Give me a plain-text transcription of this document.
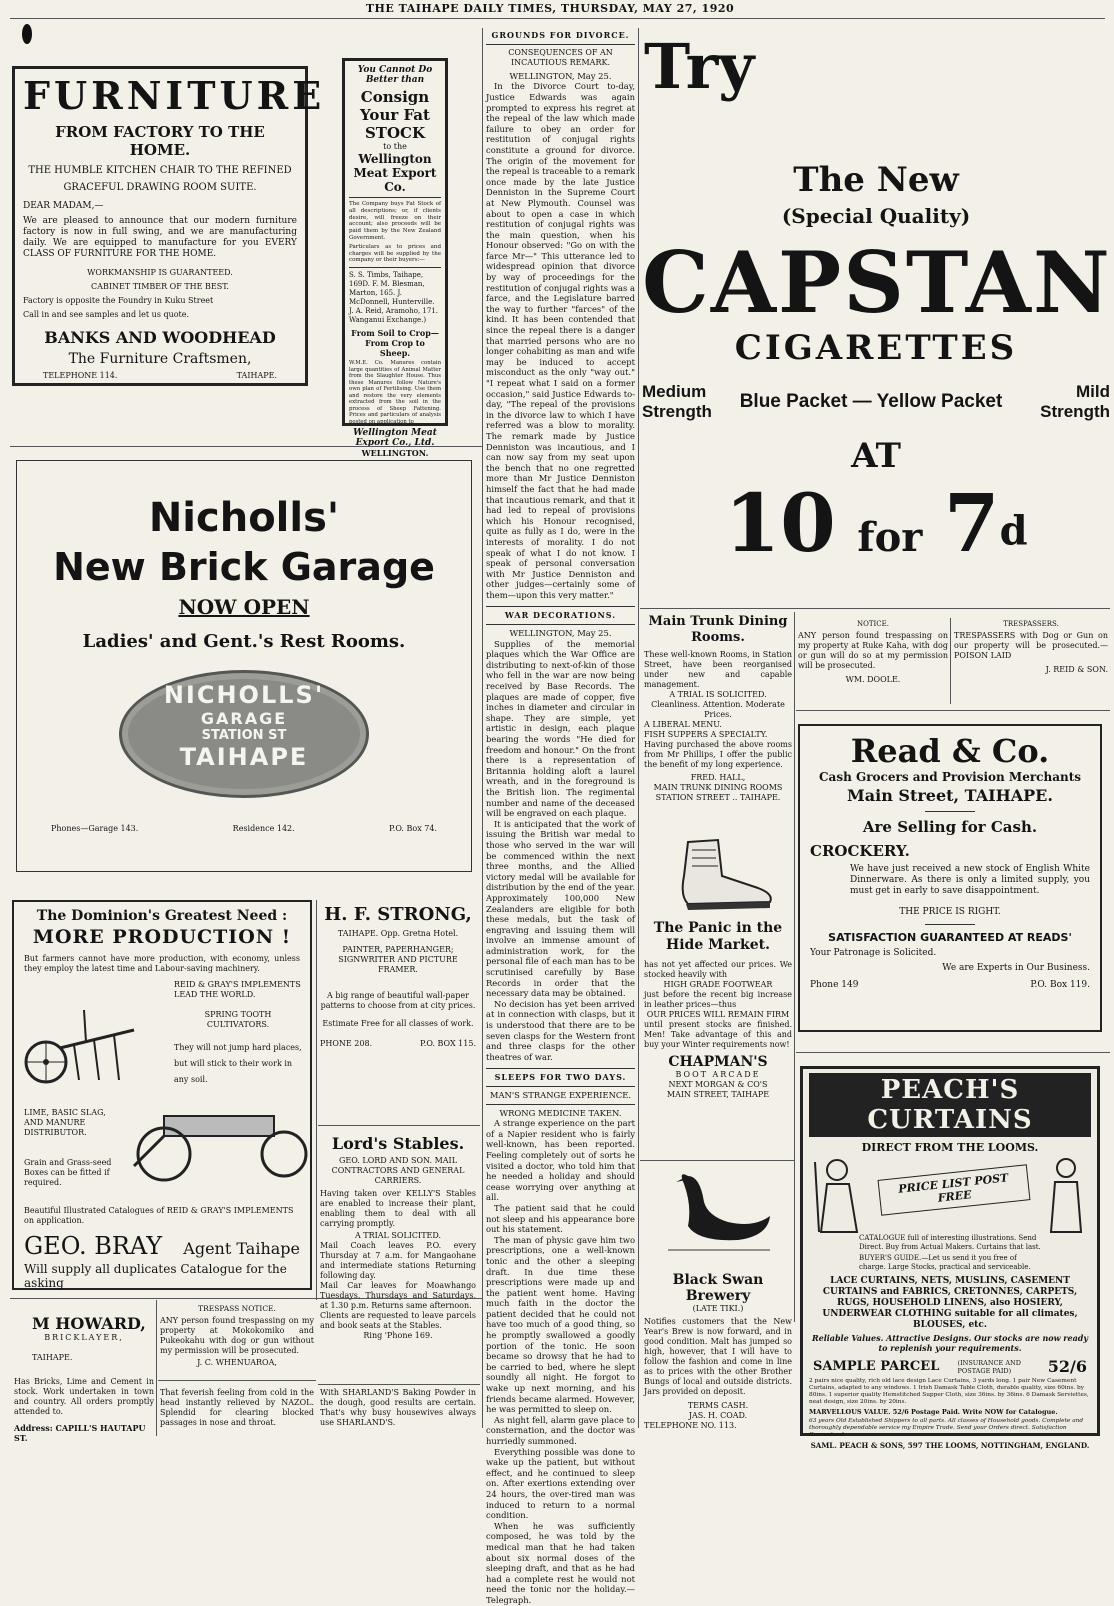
THE TAIHAPE DAILY TIMES, THURSDAY, MAY 27, 1920
FURNITURE
FROM FACTORY TO THE HOME.
THE HUMBLE KITCHEN CHAIR TO THE REFINED
GRACEFUL DRAWING ROOM SUITE.
DEAR MADAM,—
We are pleased to announce that our modern furniture factory is now in full swing, and we are manufacturing daily. We are equipped to manufacture for you EVERY CLASS OF FURNITURE FOR THE HOME.
WORKMANSHIP IS GUARANTEED.
CABINET TIMBER OF THE BEST.
Factory is opposite the Foundry in Kuku Street
Call in and see samples and let us quote.
BANKS AND WOODHEAD
The Furniture Craftsmen,
TELEPHONE 114.	TAIHAPE.
You Cannot Do Better than
Consign Your Fat STOCK
to the
Wellington Meat Export Co.
The Company buys Fat Stock of all descriptions; or, if clients desire, will freeze on their account; also proceeds will be paid them by the New Zealand Government.
Particulars as to prices and charges will be supplied by the company or their buyers:—
S. S. Timbs, Taihape, 169D. F. M. Blesman, Marton, 165. J. McDonnell, Hunterville. J. A. Reid, Aramoho, 171. Wanganui Exchange.)
From Soil to Crop— From Crop to Sheep.
W.M.E. Co. Manures contain large quantities of Animal Matter from the Slaughter House. Thus these Manures follow Nature's own plan of Fertilising. Use them and restore the very elements extracted from the soil in the process of Sheep Fattening. Prices and particulars of analysis posted on application to
Wellington Meat Export Co., Ltd.
WELLINGTON.
GROUNDS FOR DIVORCE.
CONSEQUENCES OF AN INCAUTIOUS REMARK.
WELLINGTON, May 25.

In the Divorce Court to-day, Justice Edwards was again prompted to express his regret at the repeal of the law which made failure to obey an order for restitution of conjugal rights constitute a ground for divorce. The origin of the movement for the repeal is traceable to a remark once made by the late Justice Denniston in the Supreme Court at New Plymouth. Counsel was about to open a case in which restitution of conjugal rights was the main question, when his Honour observed: "Go on with the farce Mr—" This utterance led to widespread opinion that divorce by way of proceedings for the restitution of conjugal rights was a farce, and the Legislature barred the way to further "farces" of the kind. It has been contended that since the repeal there is a danger that married persons who are no longer cohabiting as man and wife may be induced to accept misconduct as the only "way out." "I repeat what I said on a former occasion," said Justice Edwards to-day, "The repeal of the provisions in the divorce law to which I have referred was a blow to morality. The remark made by Justice Denniston was incautious, and I can now say from my seat upon the bench that no one regretted more than Mr Justice Denniston himself the fact that he had made that incautious remark, and that it had led to repeal of provisions which his Honour recognised, quite as fully as I do, were in the interests of morality. I do not speak of what I do not know. I speak of personal conversation with Mr Justice Denniston and other judges—certainly some of them—upon this very matter."

WAR DECORATIONS.
WELLINGTON, May 25.

Supplies of the memorial plaques which the War Office are distributing to next-of-kin of those who fell in the war are now being received by Base Records. The plaques are made of copper, five inches in diameter and circular in shape. They are simple, yet artistic in design, each plaque bearing the words "He died for freedom and honour." On the front there is a representation of Britannia holding aloft a laurel wreath, and in the foreground is the British lion. The regimental number and name of the deceased will be engraved on each plaque.

It is anticipated that the work of issuing the British war medal to those who served in the war will be commenced within the next three months, and the Allied victory medal will be available for distribution by the end of the year. Approximately 100,000 New Zealanders are eligible for both these medals, but the task of engraving and issuing them will involve an immense amount of administration work, for the personal file of each man has to be scrutinised carefully by Base Records in order that the necessary data may be obtained.

No decision has yet been arrived at in connection with clasps, but it is understood that there are to be seven clasps for the Western front and three clasps for the other theatres of war.

SLEEPS FOR TWO DAYS.
MAN'S STRANGE EXPERIENCE.
WRONG MEDICINE TAKEN.

A strange experience on the part of a Napier resident who is fairly well-known, has been reported. Feeling completely out of sorts he visited a doctor, who told him that he needed a holiday and should cease worrying over anything at all.

The patient said that he could not sleep and his appearance bore out his statement.

The man of physic gave him two prescriptions, one a well-known tonic and the other a sleeping draft. In due time these prescriptions were made up and the patient went home. Having much faith in the doctor the patient decided that he could not have too much of a good thing, so he promptly swallowed a goodly portion of the tonic. He soon became so drowsy that he had to be carried to bed, where he slept soundly all night. He forgot to wake up next morning, and his friends became alarmed. However, he was permitted to sleep on.

As night fell, alarm gave place to consternation, and the doctor was hurriedly summoned.

Everything possible was done to wake up the patient, but without effect, and he continued to sleep on. After exertions extending over 24 hours, the over-tired man was induced to return to a normal condition.

When he was sufficiently composed, he was told by the medical man that he had taken about six normal doses of the sleeping draft, and that as he had had a complete rest he would not need the tonic nor the holiday.—Telegraph.

Try
The New
(Special Quality)
CAPSTAN
CIGARETTES
Medium Strength Blue Packet — Yellow Packet	Mild Strength
AT
10 for 7$^d$
Nicholls'
New Brick Garage
NOW OPEN
Ladies' and Gent.'s Rest Rooms.
NICHOLLS'
GARAGE
STATION ST
TAIHAPE
Phones—Garage 143.	Residence 142.	P.O. Box 74.
Main Trunk Dining Rooms.
These well-known Rooms, in Station Street, have been reorganised under new and capable management.
A TRIAL IS SOLICITED.
Cleanliness. Attention. Moderate Prices.
A LIBERAL MENU.
FISH SUPPERS A SPECIALTY.
Having purchased the above rooms from Mr Phillips, I offer the public the benefit of my long experience.
FRED. HALL,
MAIN TRUNK DINING ROOMS STATION STREET .. TAIHAPE.
NOTICE.
ANY person found trespassing on my property at Ruke Kaha, with dog or gun will do so at my permission will be prosecuted.
WM. DOOLE.
TRESPASSERS.
TRESPASSERS with Dog or Gun on our property will be prosecuted.—POISON LAID
J. REID & SON.
Read & Co.
Cash Grocers and Provision Merchants
Main Street, TAIHAPE.
Are Selling for Cash.
CROCKERY.
We have just received a new stock of English White Dinnerware. As there is only a limited supply, you must get in early to save disappointment.
THE PRICE IS RIGHT.
SATISFACTION GUARANTEED AT READS'
Your Patronage is Solicited.
We are Experts in Our Business.
Phone 149	P.O. Box 119.
The Dominion's Greatest Need :
MORE PRODUCTION !
But farmers cannot have more production, with economy, unless they employ the latest time and Labour-saving machinery.
REID & GRAY'S IMPLEMENTS LEAD THE WORLD.
SPRING TOOTH CULTIVATORS.
They will not jump hard places, but will stick to their work in any soil.
LIME, BASIC SLAG, AND MANURE DISTRIBUTOR.
Grain and Grass-seed Boxes can be fitted if required.
Beautiful Illustrated Catalogues of REID & GRAY'S IMPLEMENTS on application.
GEO. BRAY Agent Taihape
Will supply all duplicates Catalogue for the asking
H. F. STRONG,
TAIHAPE. Opp. Gretna Hotel.
PAINTER, PAPERHANGER; SIGNWRITER AND PICTURE FRAMER.
A big range of beautiful wall-paper patterns to choose from at city prices.
Estimate Free for all classes of work.
PHONE 208.	P.O. BOX 115.
Lord's Stables.
GEO. LORD AND SON. MAIL CONTRACTORS AND GENERAL CARRIERS.
Having taken over KELLY'S Stables are enabled to increase their plant, enabling them to deal with all carrying promptly.
A TRIAL SOLICITED.
Mail Coach leaves P.O. every Thursday at 7 a.m. for Mangaohane and intermediate stations Returning following day.
Mail Car leaves for Moawhango Tuesdays, Thursdays and Saturdays, at 1.30 p.m. Returns same afternoon.
Clients are requested to leave parcels and book seats at the Stables.
Ring 'Phone 169.
The Panic in the Hide Market.
has not yet affected our prices. We stocked heavily with
HIGH GRADE FOOTWEAR
just before the recent big increase in leather prices—thus
OUR PRICES WILL REMAIN FIRM
until present stocks are finished. Men! Take advantage of this and buy your Winter requirements now!
CHAPMAN'S
BOOT ARCADE
NEXT MORGAN & CO'S
MAIN STREET, TAIHAPE
Black Swan Brewery
(LATE TIKI.)
Notifies customers that the New Year's Brew is now forward, and in good condition. Malt has jumped so high, however, that I will have to follow the fashion and come in line as to prices with the other Brother Bungs of local and outside districts. Jars provided on deposit.
TERMS CASH.
JAS. H. COAD.
TELEPHONE NO. 113.
PEACH'S CURTAINS
DIRECT FROM THE LOOMS.
PRICE LIST POST FREE
CATALOGUE full of interesting illustrations. Send Direct. Buy from Actual Makers. Curtains that last.
BUYER'S GUIDE.—Let us send it you free of charge. Large Stocks, practical and serviceable.
LACE CURTAINS, NETS, MUSLINS, CASEMENT CURTAINS and FABRICS, CRETONNES, CARPETS, RUGS, HOUSEHOLD LINENS, also HOSIERY, UNDERWEAR CLOTHING suitable for all climates, BLOUSES, etc.
Reliable Values. Attractive Designs. Our stocks are now ready to replenish your requirements.
SAMPLE PARCEL	(INSURANCE AND POSTAGE PAID)	52/6
2 pairs nice quality, rich old lace design Lace Curtains, 3 yards long. 1 pair New Casement Curtains, adapted to any windows. 1 Irish Damask Table Cloth, durable quality, size 60ins. by 80ins. 1 superior quality Hemstitched Supper Cloth, size 36ins. by 36ins. 6 Damask Serviettes, neat design, size 20ins. by 20ins.
MARVELLOUS VALUE. 52/6 Postage Paid. Write NOW for Catalogue.
63 years Old Established Shippers to all parts. All classes of Household goods. Complete and thoroughly dependable service my Empire Trade. Send your Orders direct. Satisfaction Guaranteed.
SAML. PEACH & SONS, 597 THE LOOMS, NOTTINGHAM, ENGLAND.
M HOWARD,
BRICKLAYER,
TAIHAPE.
Has Bricks, Lime and Cement in stock. Work undertaken in town and country. All orders promptly attended to.
Address: CAPILL'S HAUTAPU ST.
TRESPASS NOTICE.
ANY person found trespassing on my property at Mokokomiko and Pukeokahu with dog or gun without my permission will be prosecuted.
J. C. WHENUAROA,
That feverish feeling from cold in the head instantly relieved by NAZOL. Splendid for clearing blocked passages in nose and throat.
With SHARLAND'S Baking Powder in the dough, good results are certain. That's why busy housewives always use SHARLAND'S.
